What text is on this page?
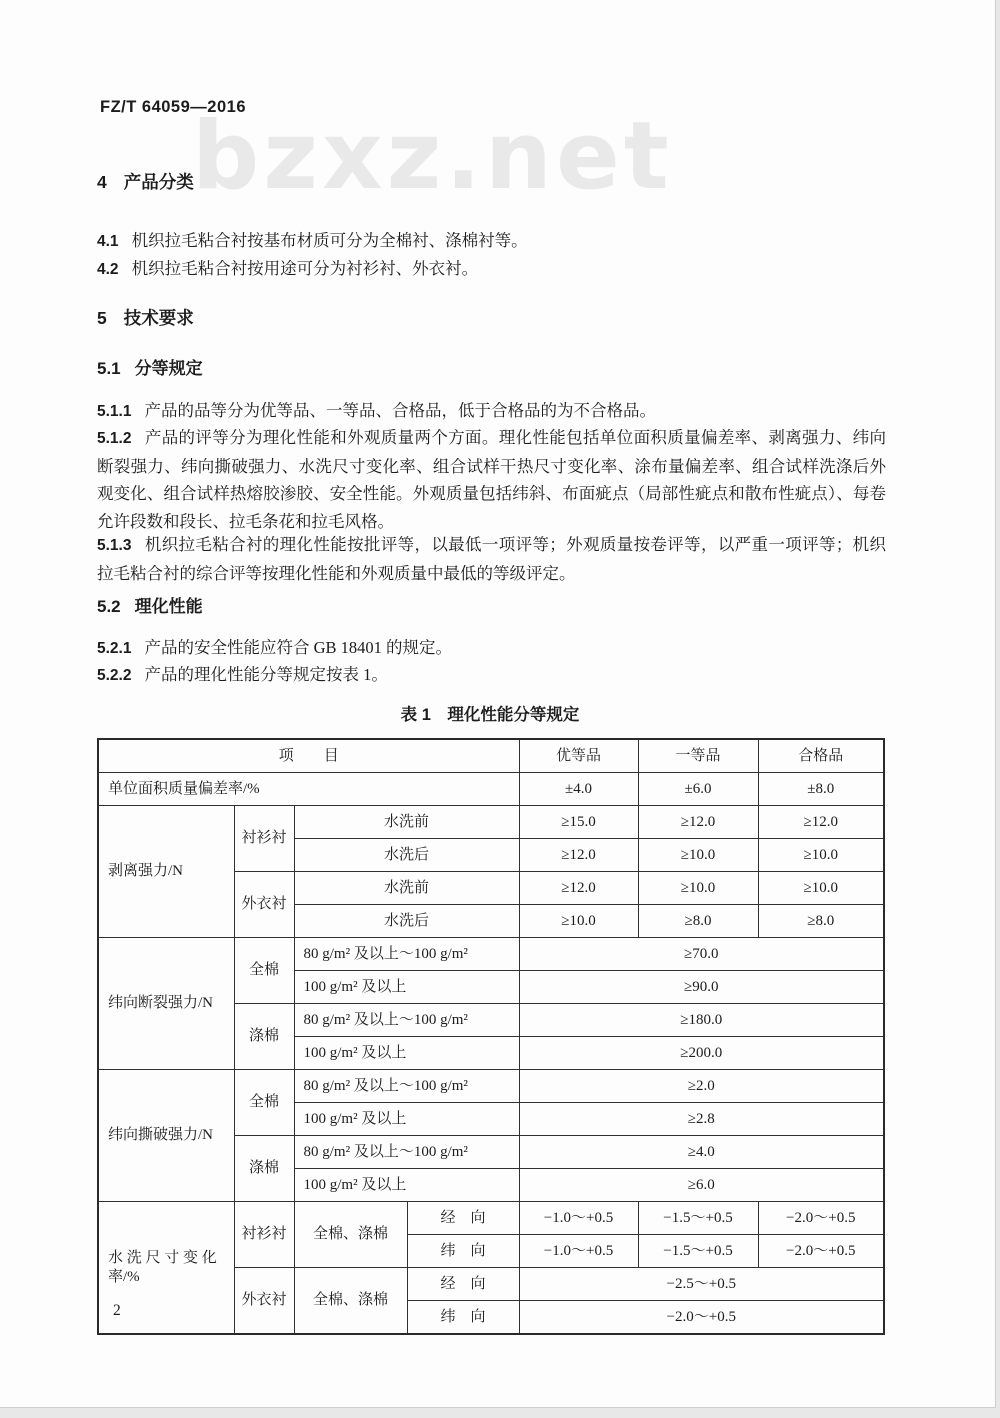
bzxz.net
FZ/T 64059—2016
4 产品分类

4.1 机织拉毛粘合衬按基布材质可分为全棉衬、涤棉衬等。

4.2 机织拉毛粘合衬按用途可分为衬衫衬、外衣衬。

5 技术要求
5.1 分等规定

5.1.1 产品的品等分为优等品、一等品、合格品，低于合格品的为不合格品。

5.1.2 产品的评等分为理化性能和外观质量两个方面。理化性能包括单位面积质量偏差率、剥离强力、纬向断裂强力、纬向撕破强力、水洗尺寸变化率、组合试样干热尺寸变化率、涂布量偏差率、组合试样洗涤后外观变化、组合试样热熔胶渗胶、安全性能。外观质量包括纬斜、布面疵点（局部性疵点和散布性疵点）、每卷允许段数和段长、拉毛条花和拉毛风格。

5.1.3 机织拉毛粘合衬的理化性能按批评等，以最低一项评等；外观质量按卷评等，以严重一项评等；机织拉毛粘合衬的综合评等按理化性能和外观质量中最低的等级评定。

5.2 理化性能

5.2.1 产品的安全性能应符合 GB 18401 的规定。

5.2.2 产品的理化性能分等规定按表 1。

表 1　理化性能分等规定

项　　目				优等品	一等品	合格品
单位面积质量偏差率/%				±4.0	±6.0	±8.0
剥离强力/N	衬衫衬	水洗前		≥15.0	≥12.0	≥12.0
		水洗后		≥12.0	≥10.0	≥10.0
	外衣衬	水洗前		≥12.0	≥10.0	≥10.0
		水洗后		≥10.0	≥8.0	≥8.0
纬向断裂强力/N	全棉	80 g/m² 及以上～100 g/m²		≥70.0		
		100 g/m² 及以上		≥90.0		
	涤棉	80 g/m² 及以上～100 g/m²		≥180.0		
		100 g/m² 及以上		≥200.0		
纬向撕破强力/N	全棉	80 g/m² 及以上～100 g/m²		≥2.0		
		100 g/m² 及以上		≥2.8		
	涤棉	80 g/m² 及以上～100 g/m²		≥4.0		
		100 g/m² 及以上		≥6.0		
水 洗 尺 寸 变 化 率/%	衬衫衬	全棉、涤棉	经　向	−1.0～+0.5	−1.5～+0.5	−2.0～+0.5
			纬　向	−1.0～+0.5	−1.5～+0.5	−2.0～+0.5
	外衣衬	全棉、涤棉	经　向	−2.5～+0.5		
			纬　向	−2.0～+0.5		
2
